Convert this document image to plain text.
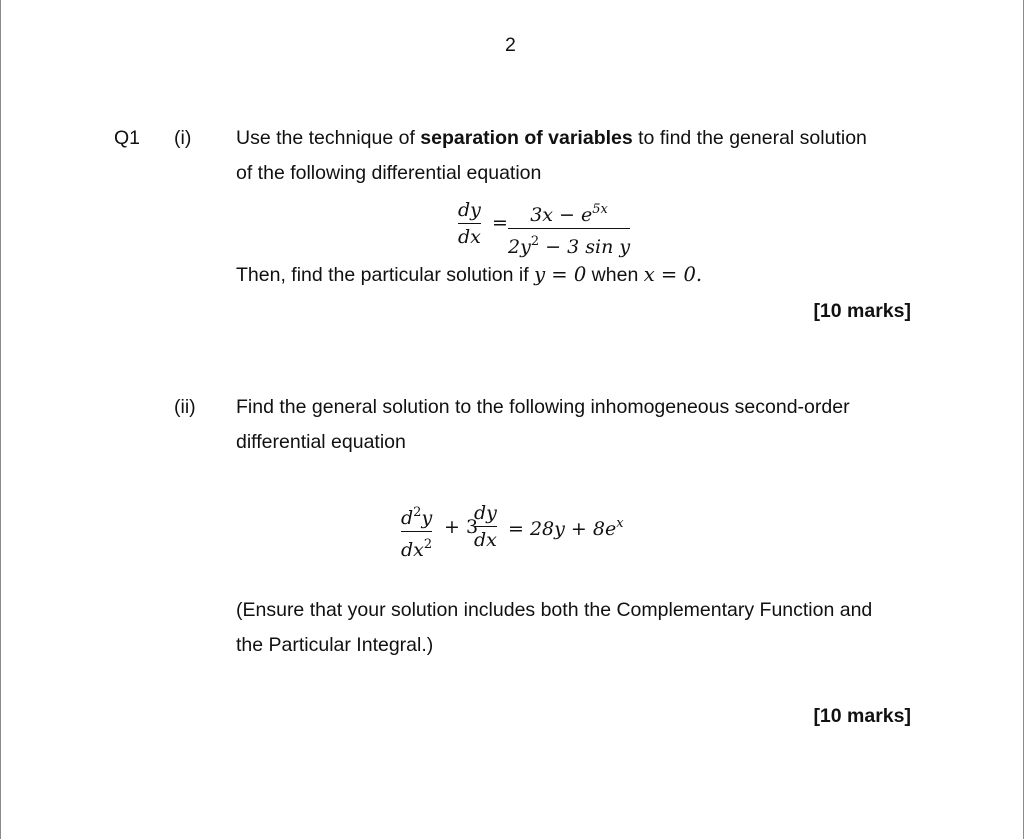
2
Q1 (i) Use the technique of separation of variables to find the general solution
of the following differential equation
dy
dx
= $3x - e^{5x}$
$2y^2 - 3$ sin y
Then, find the particular solution if y = 0 when x = 0.
[10 marks]
(ii) Find the general solution to the following inhomogeneous second-order
differential equation
$d^2y$
$dx^2$
+ 3
dy
dx = $28y + 8e^x$
(Ensure that your solution includes both the Complementary Function and
the Particular Integral.)
[10 marks]
